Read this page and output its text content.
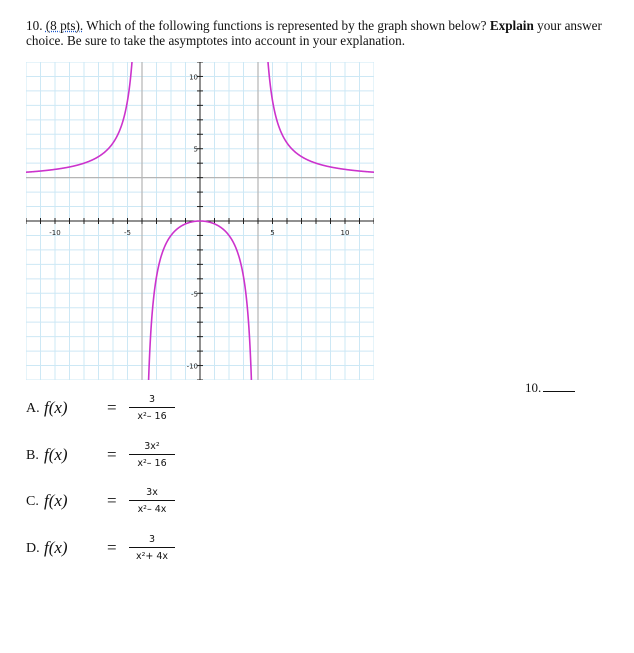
10. (8 pts). Which of the following functions is represented by the graph shown below? Explain your answer choice. Be sure to take the asymptotes into account in your explanation.
-10	-5	5	10
10
5
-5
-10
10.
A. f(x) =	3
x²– 16
B. f(x) =	3x²
x²– 16
C. f(x) =	3x
x²– 4x
D. f(x) =	3
x²+ 4x
